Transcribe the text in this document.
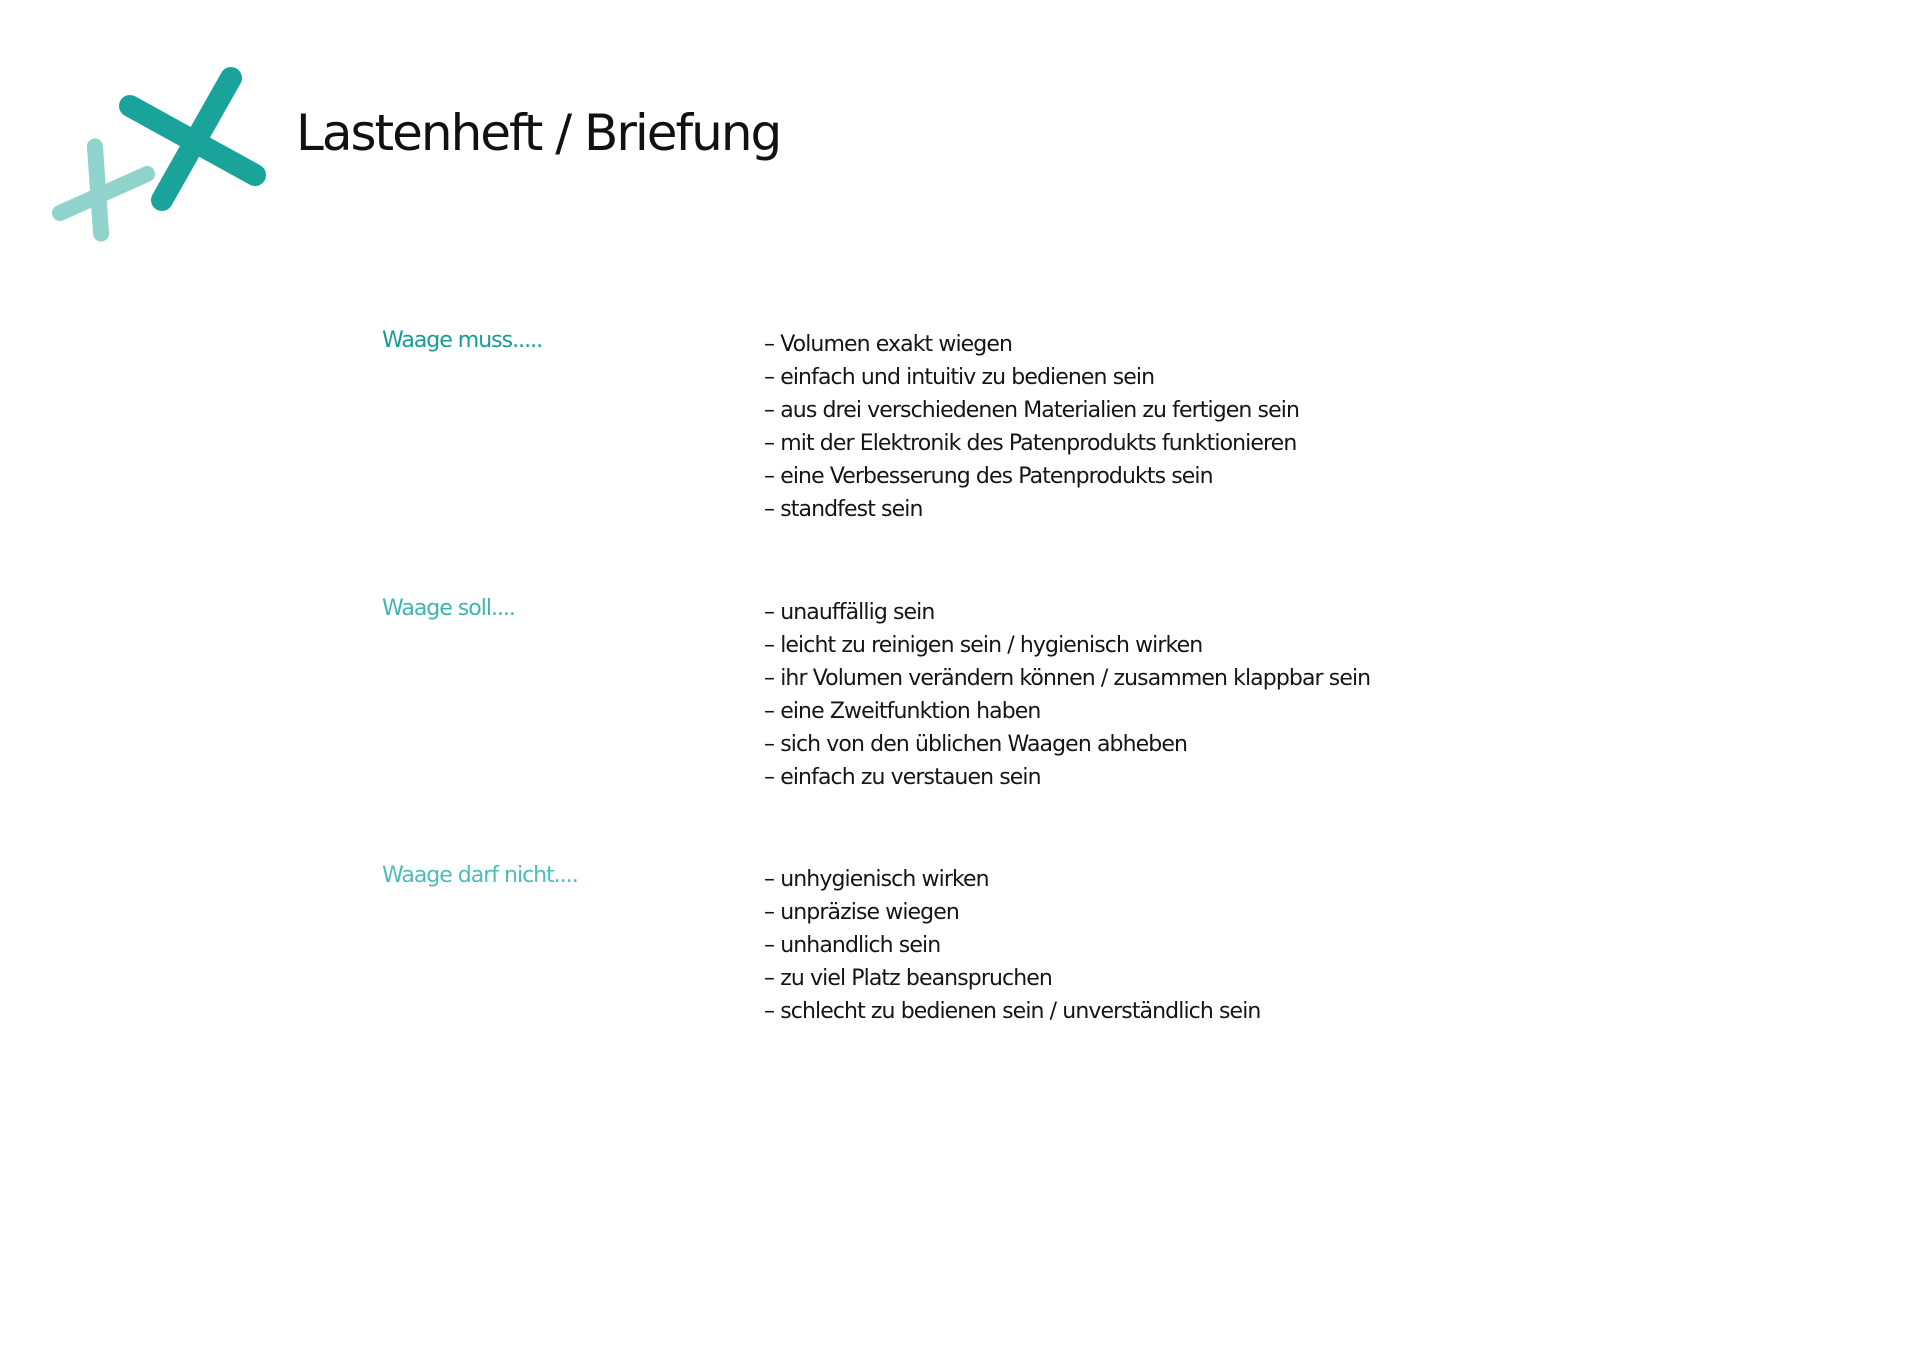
Lastenheft / Briefung
Waage muss.....	– Volumen exakt wiegen
– einfach und intuitiv zu bedienen sein
– aus drei verschiedenen Materialien zu fertigen sein
– mit der Elektronik des Patenprodukts funktionieren
– eine Verbesserung des Patenprodukts sein
– standfest sein
Waage soll....	– unauffällig sein
– leicht zu reinigen sein / hygienisch wirken
– ihr Volumen verändern können / zusammen klappbar sein
– eine Zweitfunktion haben
– sich von den üblichen Waagen abheben
– einfach zu verstauen sein
Waage darf nicht....	– unhygienisch wirken
– unpräzise wiegen
– unhandlich sein
– zu viel Platz beanspruchen
– schlecht zu bedienen sein / unverständlich sein
